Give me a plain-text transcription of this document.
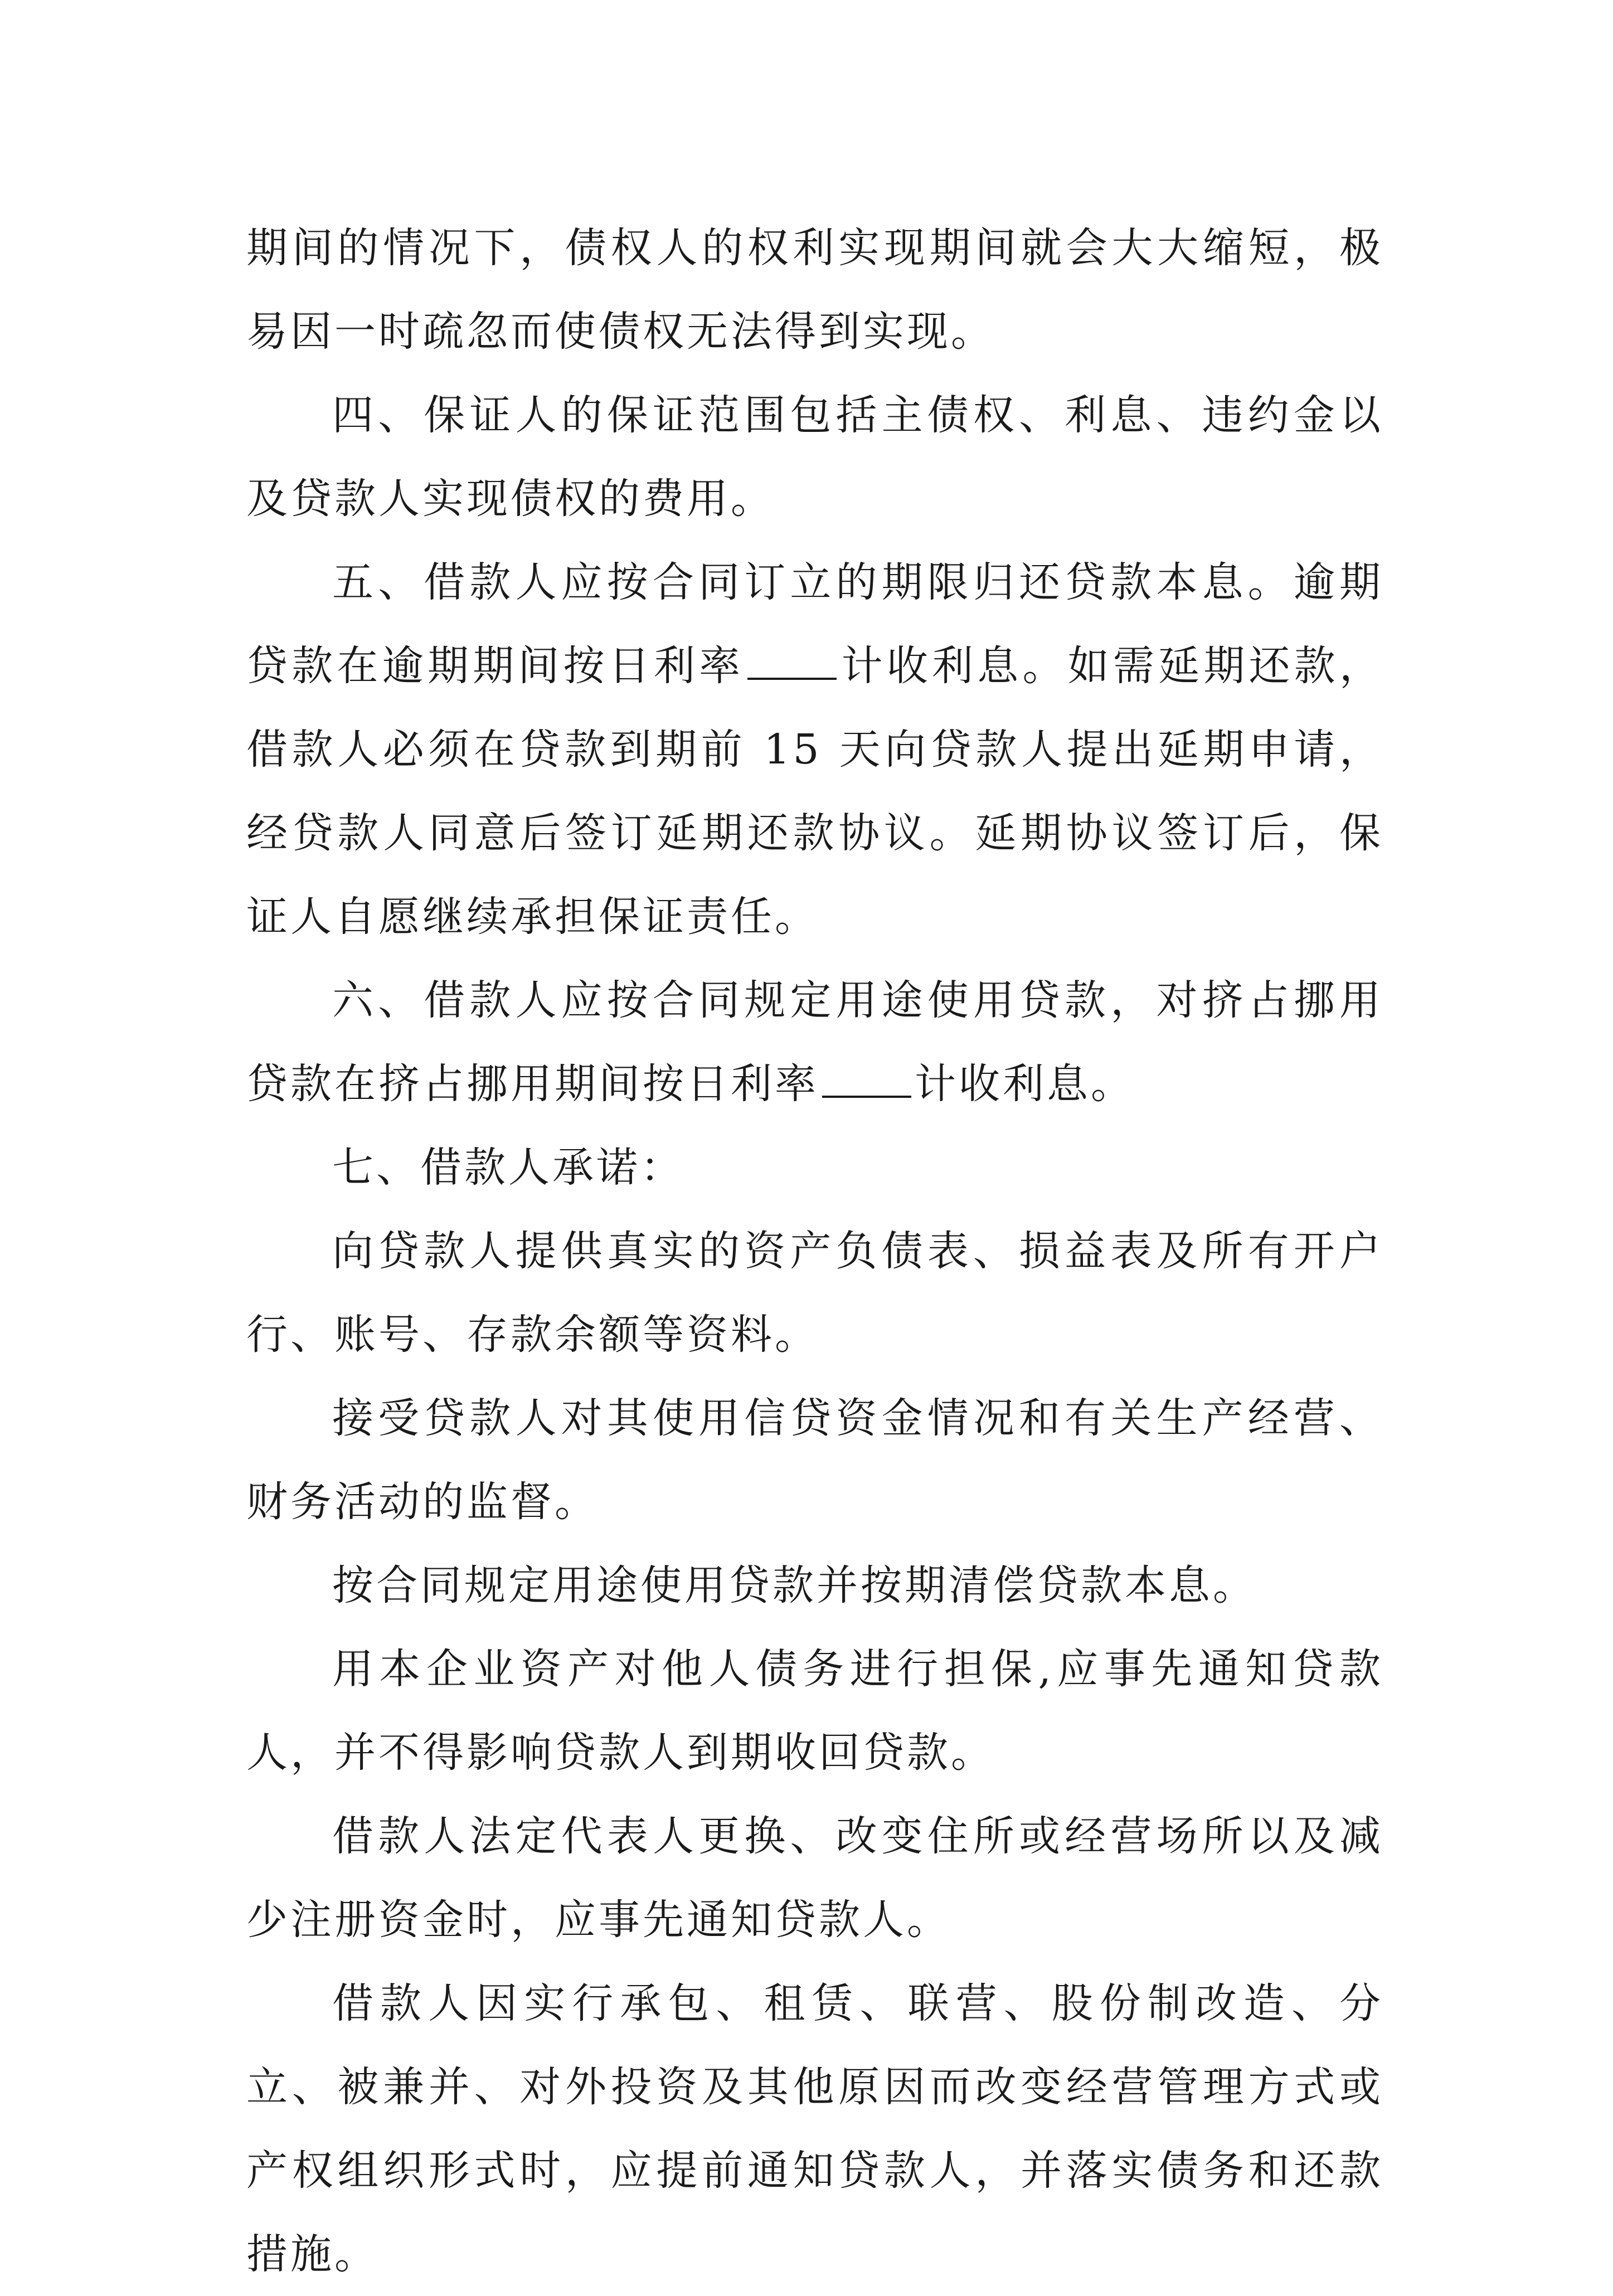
期间的情况下，债权人的权利实现期间就会大大缩短，极易因一时疏忽而使债权无法得到实现。

四、保证人的保证范围包括主债权、利息、违约金以及贷款人实现债权的费用。

五、借款人应按合同订立的期限归还贷款本息。逾期贷款在逾期期间按日利率 计收利息。如需延期还款，借款人必须在贷款到期前 15 天向贷款人提出延期申请，经贷款人同意后签订延期还款协议。延期协议签订后，保证人自愿继续承担保证责任。

六、借款人应按合同规定用途使用贷款，对挤占挪用贷款在挤占挪用期间按日利率 计收利息。

七、借款人承诺：

向贷款人提供真实的资产负债表、损益表及所有开户行、账号、存款余额等资料。

接受贷款人对其使用信贷资金情况和有关生产经营、财务活动的监督。

按合同规定用途使用贷款并按期清偿贷款本息。

用本企业资产对他人债务进行担保,应事先通知贷款人，并不得影响贷款人到期收回贷款。

借款人法定代表人更换、改变住所或经营场所以及减少注册资金时，应事先通知贷款人。

借款人因实行承包、租赁、联营、股份制改造、分立、被兼并、对外投资及其他原因而改变经营管理方式或产权组织形式时，应提前通知贷款人，并落实债务和还款措施。
